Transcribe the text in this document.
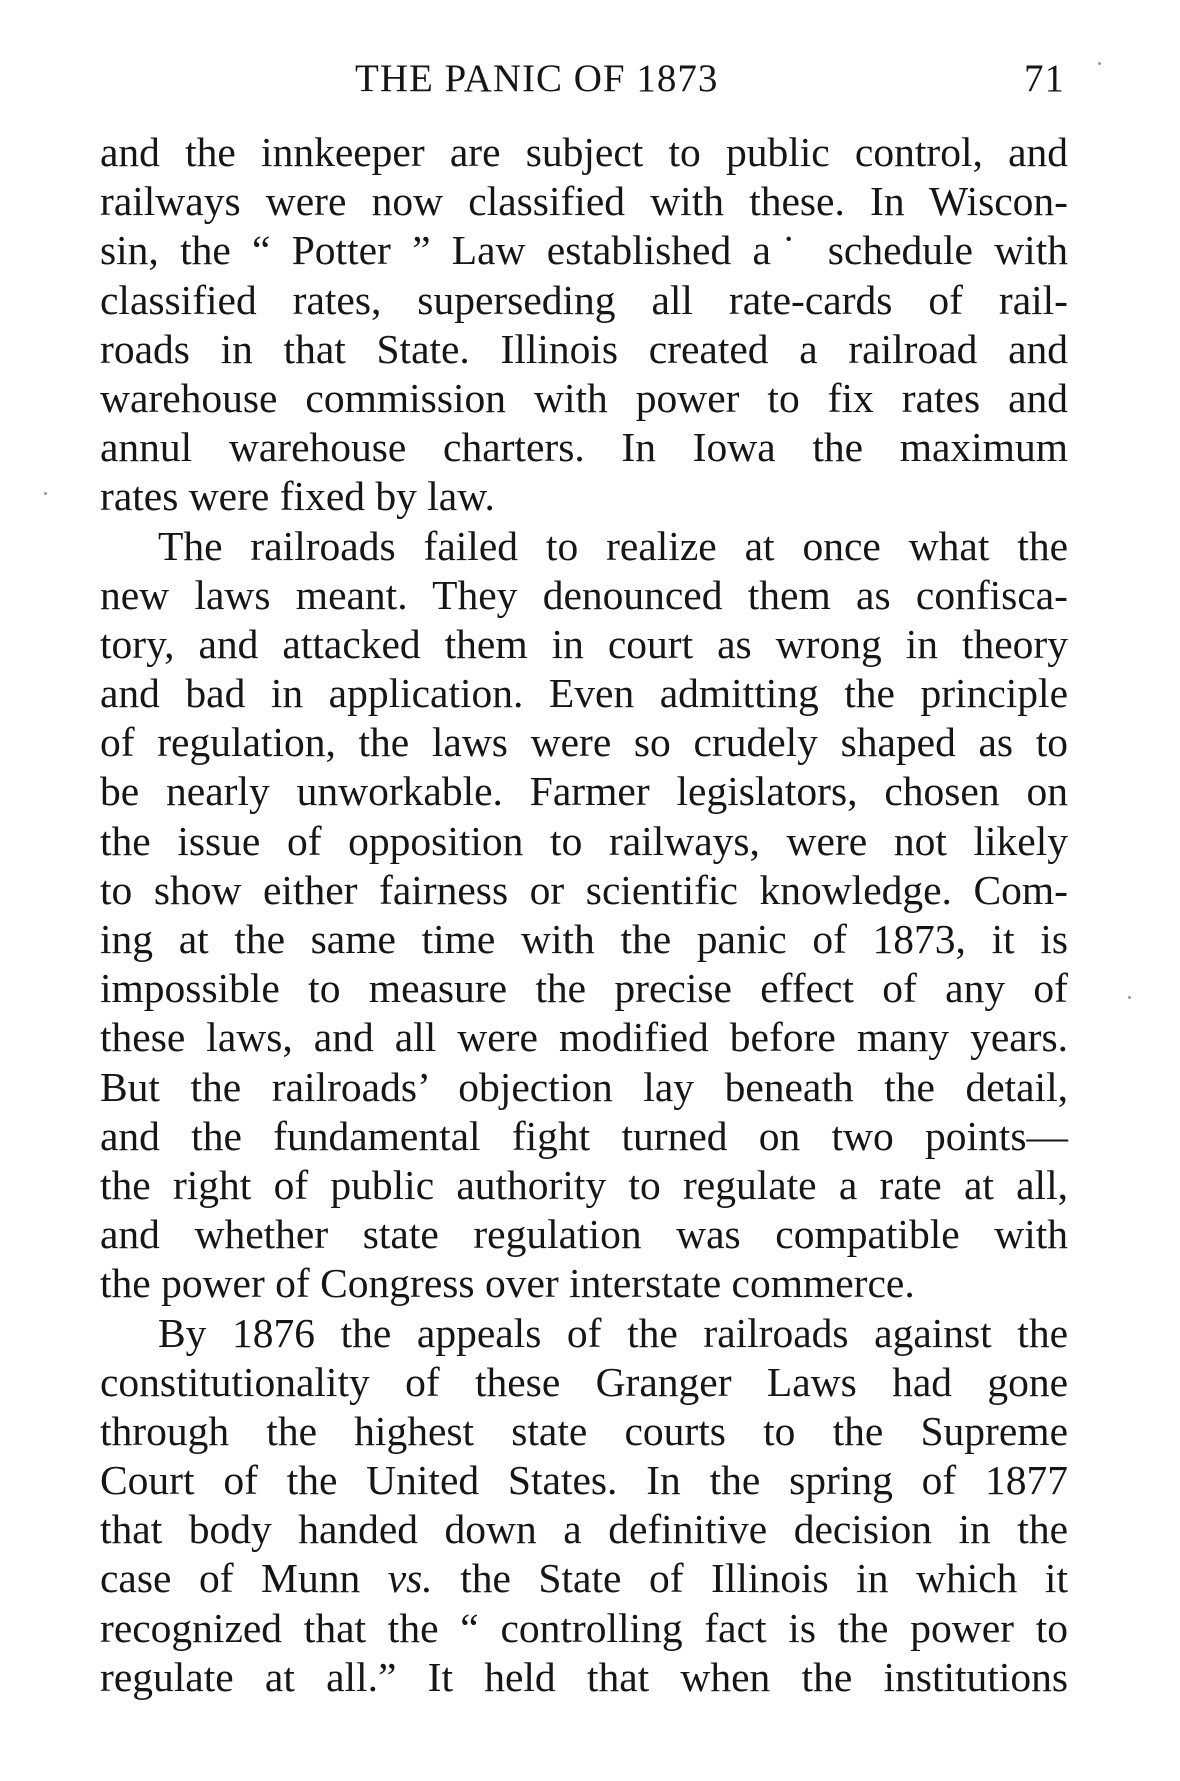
THE PANIC OF 1873	71
and the innkeeper are subject to public control, and
railways were now classified with these. In Wiscon-
sin, the “ Potter ” Law established a˙ schedule with
classified rates, superseding all rate-cards of rail-
roads in that State. Illinois created a railroad and
warehouse commission with power to fix rates and
annul warehouse charters. In Iowa the maximum
rates were fixed by law.
The railroads failed to realize at once what the
new laws meant. They denounced them as confisca-
tory, and attacked them in court as wrong in theory
and bad in application. Even admitting the principle
of regulation, the laws were so crudely shaped as to
be nearly unworkable. Farmer legislators, chosen on
the issue of opposition to railways, were not likely
to show either fairness or scientific knowledge. Com-
ing at the same time with the panic of 1873, it is
impossible to measure the precise effect of any of
these laws, and all were modified before many years.
But the railroads’ objection lay beneath the detail,
and the fundamental fight turned on two points—
the right of public authority to regulate a rate at all,
and whether state regulation was compatible with
the power of Congress over interstate commerce.
By 1876 the appeals of the railroads against the
constitutionality of these Granger Laws had gone
through the highest state courts to the Supreme
Court of the United States. In the spring of 1877
that body handed down a definitive decision in the
case of Munn vs. the State of Illinois in which it
recognized that the “ controlling fact is the power to
regulate at all.” It held that when the institutions
